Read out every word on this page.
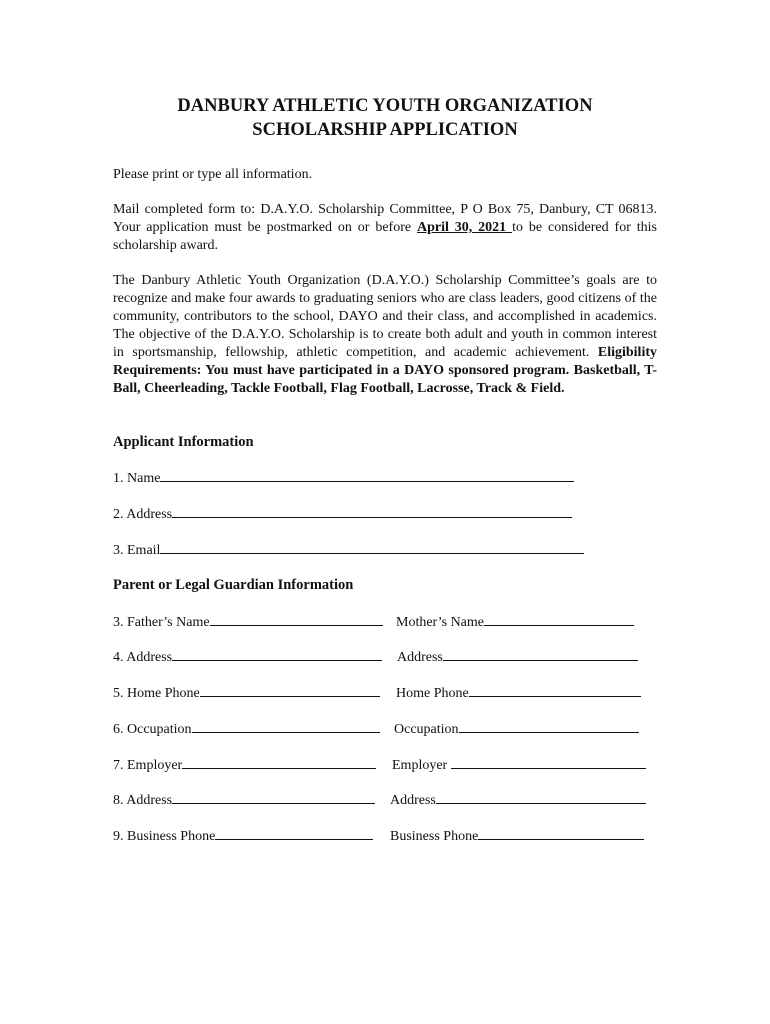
DANBURY ATHLETIC YOUTH ORGANIZATION
SCHOLARSHIP APPLICATION
Please print or type all information.
Mail completed form to: D.A.Y.O. Scholarship Committee, P O Box 75, Danbury, CT 06813. Your application must be postmarked on or before April 30, 2021 to be considered for this scholarship award.
The Danbury Athletic Youth Organization (D.A.Y.O.) Scholarship Committee’s goals are to recognize and make four awards to graduating seniors who are class leaders, good citizens of the community, contributors to the school, DAYO and their class, and accomplished in academics. The objective of the D.A.Y.O. Scholarship is to create both adult and youth in common interest in sportsmanship, fellowship, athletic competition, and academic achievement. Eligibility Requirements: You must have participated in a DAYO sponsored program. Basketball, T-Ball, Cheerleading, Tackle Football, Flag Football, Lacrosse, Track & Field.
Applicant Information
1. Name
2. Address
3. Email
Parent or Legal Guardian Information
3. Father’s Name	Mother’s Name
4. Address	Address
5. Home Phone	Home Phone
6. Occupation	Occupation
7. Employer	Employer
8. Address	Address
9. Business Phone	Business Phone
